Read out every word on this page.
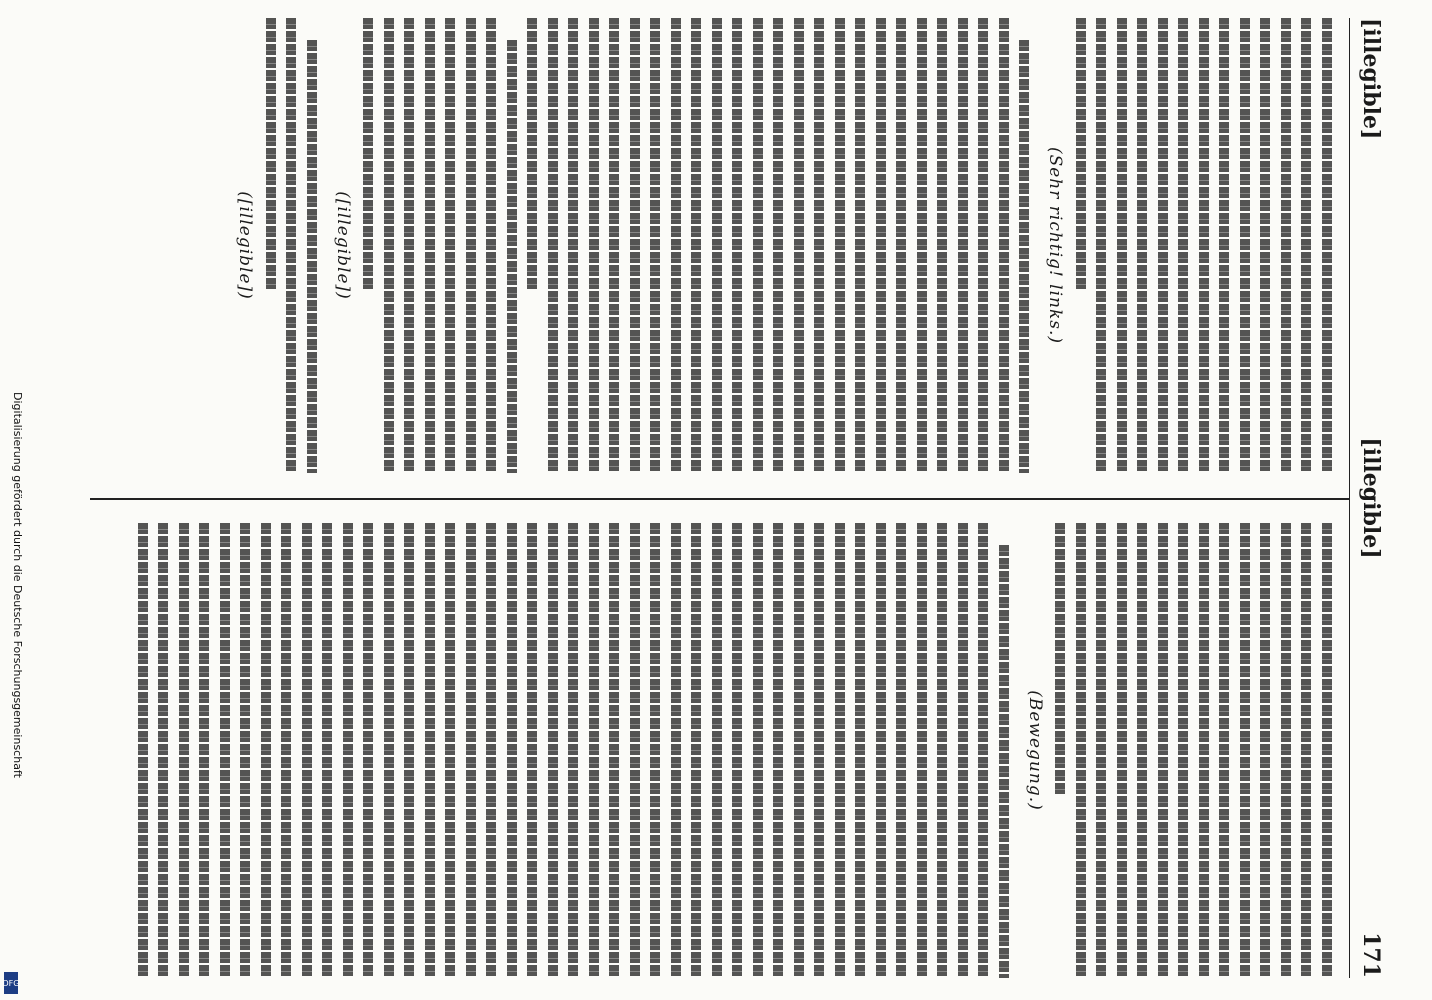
[illegible]
[illegible]
171
(Sehr richtig! links.)
([illegible])
([illegible])
(Bewegung.)
Digitalisierung gefördert durch die Deutsche Forschungsgemeinschaft
DFG
